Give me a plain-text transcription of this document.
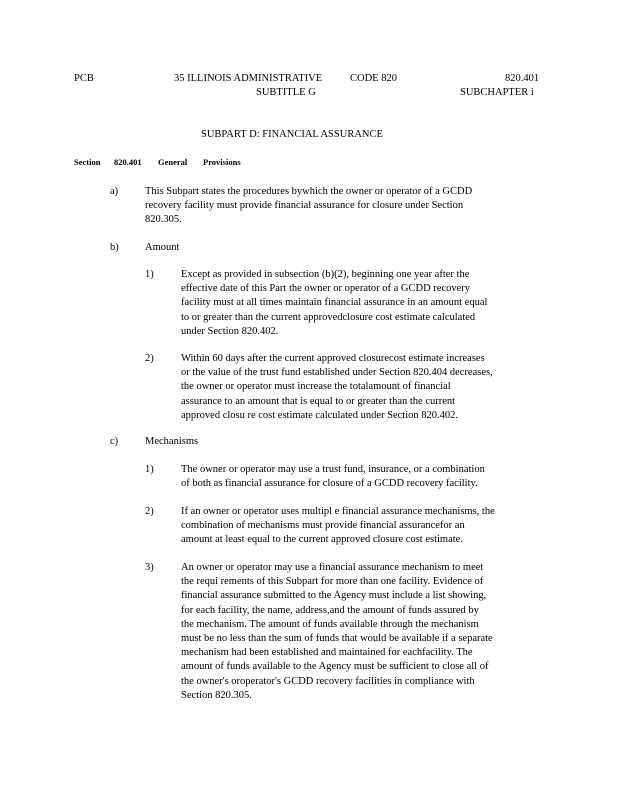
PCB	35 ILLINOIS ADMINISTRATIVE	CODE 820	820.401
SUBTITLE G	SUBCHAPTER i
SUBPART D: FINANCIAL ASSURANCE
Section 820.401 General Provisions
a)	This Subpart states the procedures bywhich the owner or operator of a GCDD
recovery facility must provide financial assurance for closure under Section
820.305.
b)	Amount
1)	Except as provided in subsection (b)(2), beginning one year after the
effective date of this Part the owner or operator of a GCDD recovery
facility must at all times maintain financial assurance in an amount equal
to or greater than the current approvedclosure cost estimate calculated
under Section 820.402.
2)	Within 60 days after the current approved closurecost estimate increases
or the value of the trust fund established under Section 820.404 decreases,
the owner or operator must increase the totalamount of financial
assurance to an amount that is equal to or greater than the current
approved closu re cost estimate calculated under Section 820.402.
c)	Mechanisms
1)	The owner or operator may use a trust fund, insurance, or a combination
of both as financial assurance for closure of a GCDD recovery facility.
2)	If an owner or operator uses multipl e financial assurance mechanisms, the
combination of mechanisms must provide financial assurancefor an
amount at least equal to the current approved closure cost estimate.
3)	An owner or operator may use a financial assurance mechanism to meet
the requi rements of this Subpart for more than one facility. Evidence of
financial assurance submitted to the Agency must include a list showing,
for each facility, the name, address,and the amount of funds assured by
the mechanism. The amount of funds available through the mechanism
must be no less than the sum of funds that would be available if a separate
mechanism had been established and maintained for eachfacility. The
amount of funds available to the Agency must be sufficient to close all of
the owner's oroperator's GCDD recovery facilities in compliance with
Section 820.305.
